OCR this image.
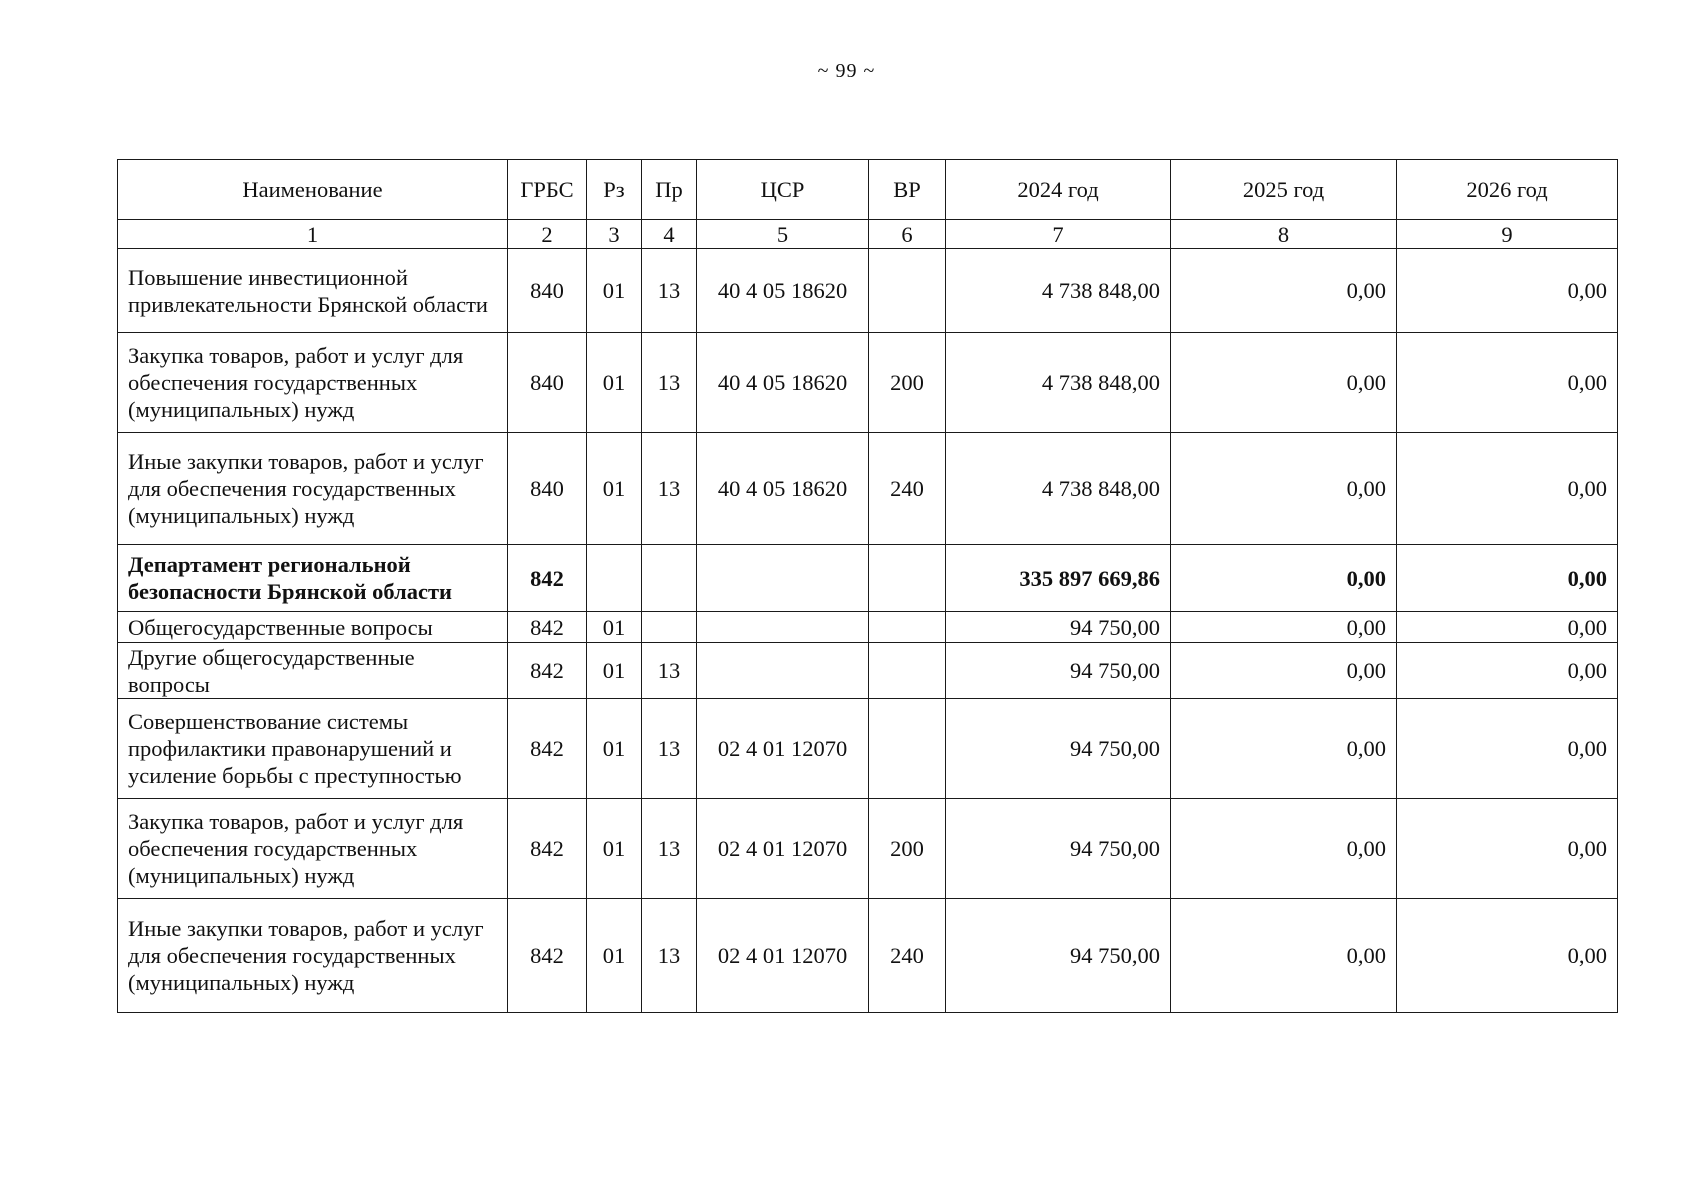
~ 99 ~
Наименование	ГРБС	Рз	Пр	ЦСР	ВР	2024 год	2025 год	2026 год
1	2	3	4	5	6	7	8	9
Повышение инвестиционной привлекательности Брянской области	840	01	13	40 4 05 18620		4 738 848,00	0,00	0,00
Закупка товаров, работ и услуг для обеспечения государственных (муниципальных) нужд	840	01	13	40 4 05 18620	200	4 738 848,00	0,00	0,00
Иные закупки товаров, работ и услуг для обеспечения государственных (муниципальных) нужд	840	01	13	40 4 05 18620	240	4 738 848,00	0,00	0,00
Департамент региональной безопасности Брянской области	842					335 897 669,86	0,00	0,00
Общегосударственные вопросы	842	01				94 750,00	0,00	0,00
Другие общегосударственные вопросы	842	01	13			94 750,00	0,00	0,00
Совершенствование системы профилактики правонарушений и усиление борьбы с преступностью	842	01	13	02 4 01 12070		94 750,00	0,00	0,00
Закупка товаров, работ и услуг для обеспечения государственных (муниципальных) нужд	842	01	13	02 4 01 12070	200	94 750,00	0,00	0,00
Иные закупки товаров, работ и услуг для обеспечения государственных (муниципальных) нужд	842	01	13	02 4 01 12070	240	94 750,00	0,00	0,00
